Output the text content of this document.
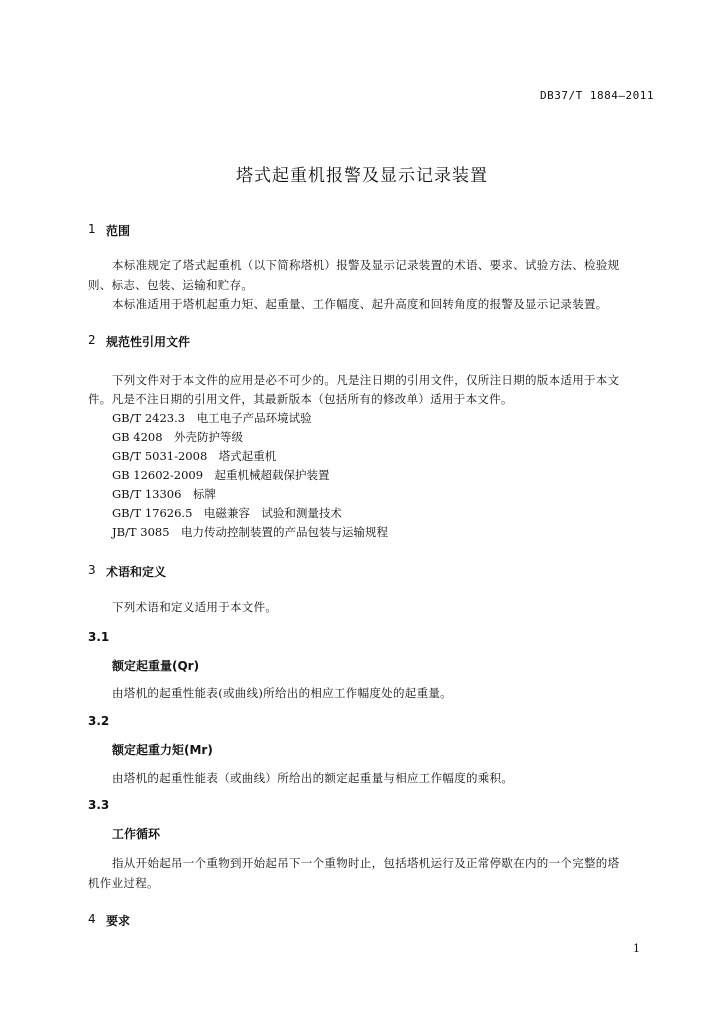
DB37/T 1884—2011
塔式起重机报警及显示记录装置
1 范围
本标准规定了塔式起重机（以下简称塔机）报警及显示记录装置的术语、要求、试验方法、检验规
则、标志、包装、运输和贮存。
本标准适用于塔机起重力矩、起重量、工作幅度、起升高度和回转角度的报警及显示记录装置。
2 规范性引用文件
下列文件对于本文件的应用是必不可少的。凡是注日期的引用文件，仅所注日期的版本适用于本文
件。凡是不注日期的引用文件，其最新版本（包括所有的修改单）适用于本文件。
GB/T 2423.3　电工电子产品环境试验
GB 4208　外壳防护等级
GB/T 5031-2008　塔式起重机
GB 12602-2009　起重机械超载保护装置
GB/T 13306　标牌
GB/T 17626.5　电磁兼容　试验和测量技术
JB/T 3085　电力传动控制装置的产品包装与运输规程
3 术语和定义
下列术语和定义适用于本文件。
3.1
额定起重量(Qr)
由塔机的起重性能表(或曲线)所给出的相应工作幅度处的起重量。
3.2
额定起重力矩(Mr)
由塔机的起重性能表（或曲线）所给出的额定起重量与相应工作幅度的乘积。
3.3
工作循环
指从开始起吊一个重物到开始起吊下一个重物时止，包括塔机运行及正常停歇在内的一个完整的塔
机作业过程。
4 要求
1
